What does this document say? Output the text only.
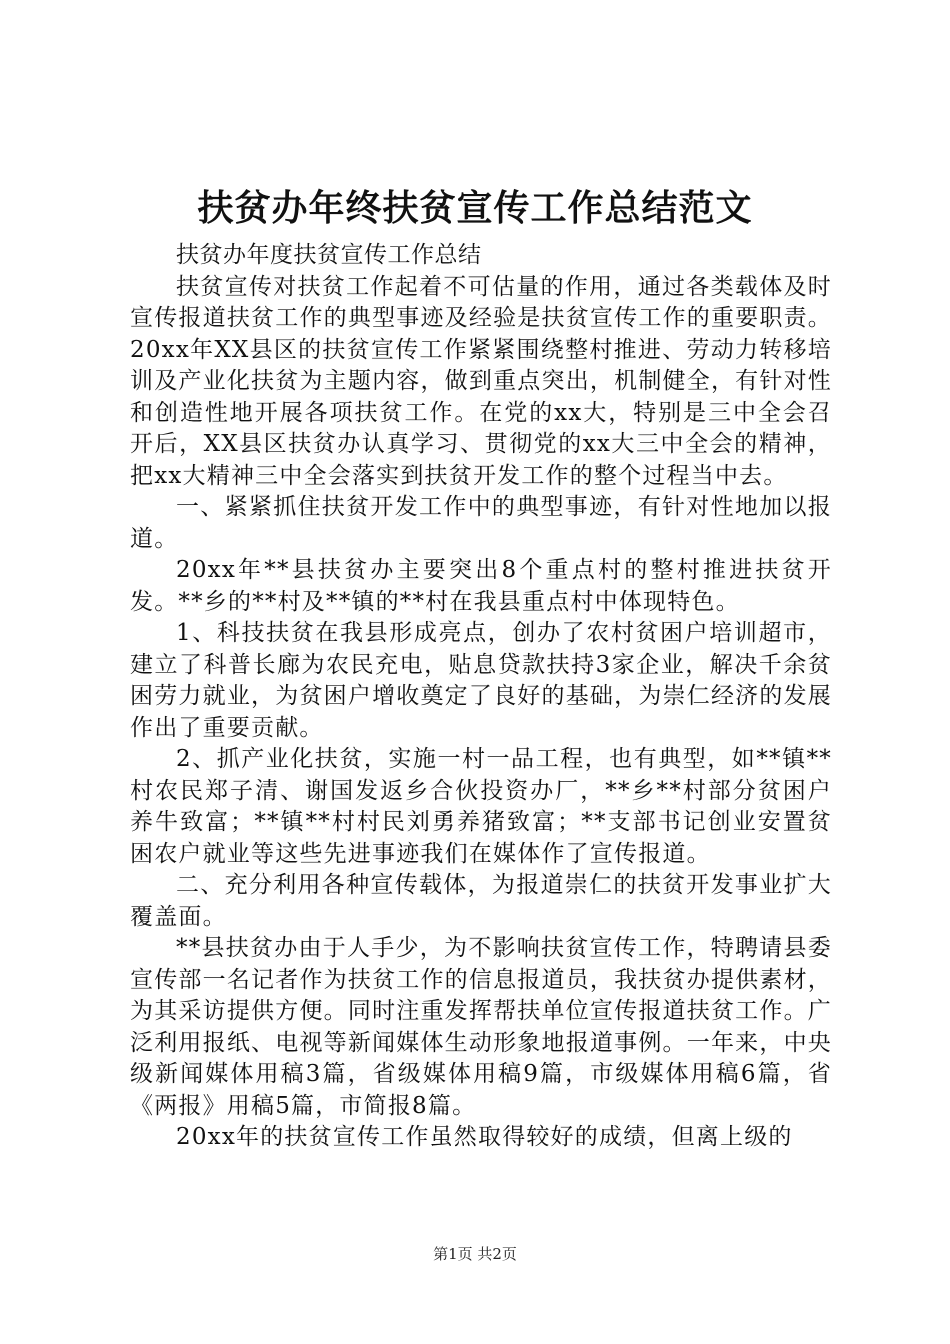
扶贫办年终扶贫宣传工作总结范文

扶贫办年度扶贫宣传工作总结

扶贫宣传对扶贫工作起着不可估量的作用，通过各类载体及时宣传报道扶贫工作的典型事迹及经验是扶贫宣传工作的重要职责。20xx年XX县区的扶贫宣传工作紧紧围绕整村推进、劳动力转移培训及产业化扶贫为主题内容，做到重点突出，机制健全，有针对性和创造性地开展各项扶贫工作。在党的xx大，特别是三中全会召开后，XX县区扶贫办认真学习、贯彻党的xx大三中全会的精神，把xx大精神三中全会落实到扶贫开发工作的整个过程当中去。

一、紧紧抓住扶贫开发工作中的典型事迹，有针对性地加以报道。

20xx年**县扶贫办主要突出8个重点村的整村推进扶贫开发。**乡的**村及**镇的**村在我县重点村中体现特色。

1、科技扶贫在我县形成亮点，创办了农村贫困户培训超市，建立了科普长廊为农民充电，贴息贷款扶持3家企业，解决千余贫困劳力就业，为贫困户增收奠定了良好的基础，为崇仁经济的发展作出了重要贡献。

2、抓产业化扶贫，实施一村一品工程，也有典型，如**镇**村农民郑子清、谢国发返乡合伙投资办厂，**乡**村部分贫困户养牛致富；**镇**村村民刘勇养猪致富；**支部书记创业安置贫困农户就业等这些先进事迹我们在媒体作了宣传报道。

二、充分利用各种宣传载体，为报道崇仁的扶贫开发事业扩大覆盖面。

**县扶贫办由于人手少，为不影响扶贫宣传工作，特聘请县委宣传部一名记者作为扶贫工作的信息报道员，我扶贫办提供素材，为其采访提供方便。同时注重发挥帮扶单位宣传报道扶贫工作。广泛利用报纸、电视等新闻媒体生动形象地报道事例。一年来，中央级新闻媒体用稿3篇，省级媒体用稿9篇，市级媒体用稿6篇，省《两报》用稿5篇，市简报8篇。

20xx年的扶贫宣传工作虽然取得较好的成绩，但离上级的

第1页 共2页
